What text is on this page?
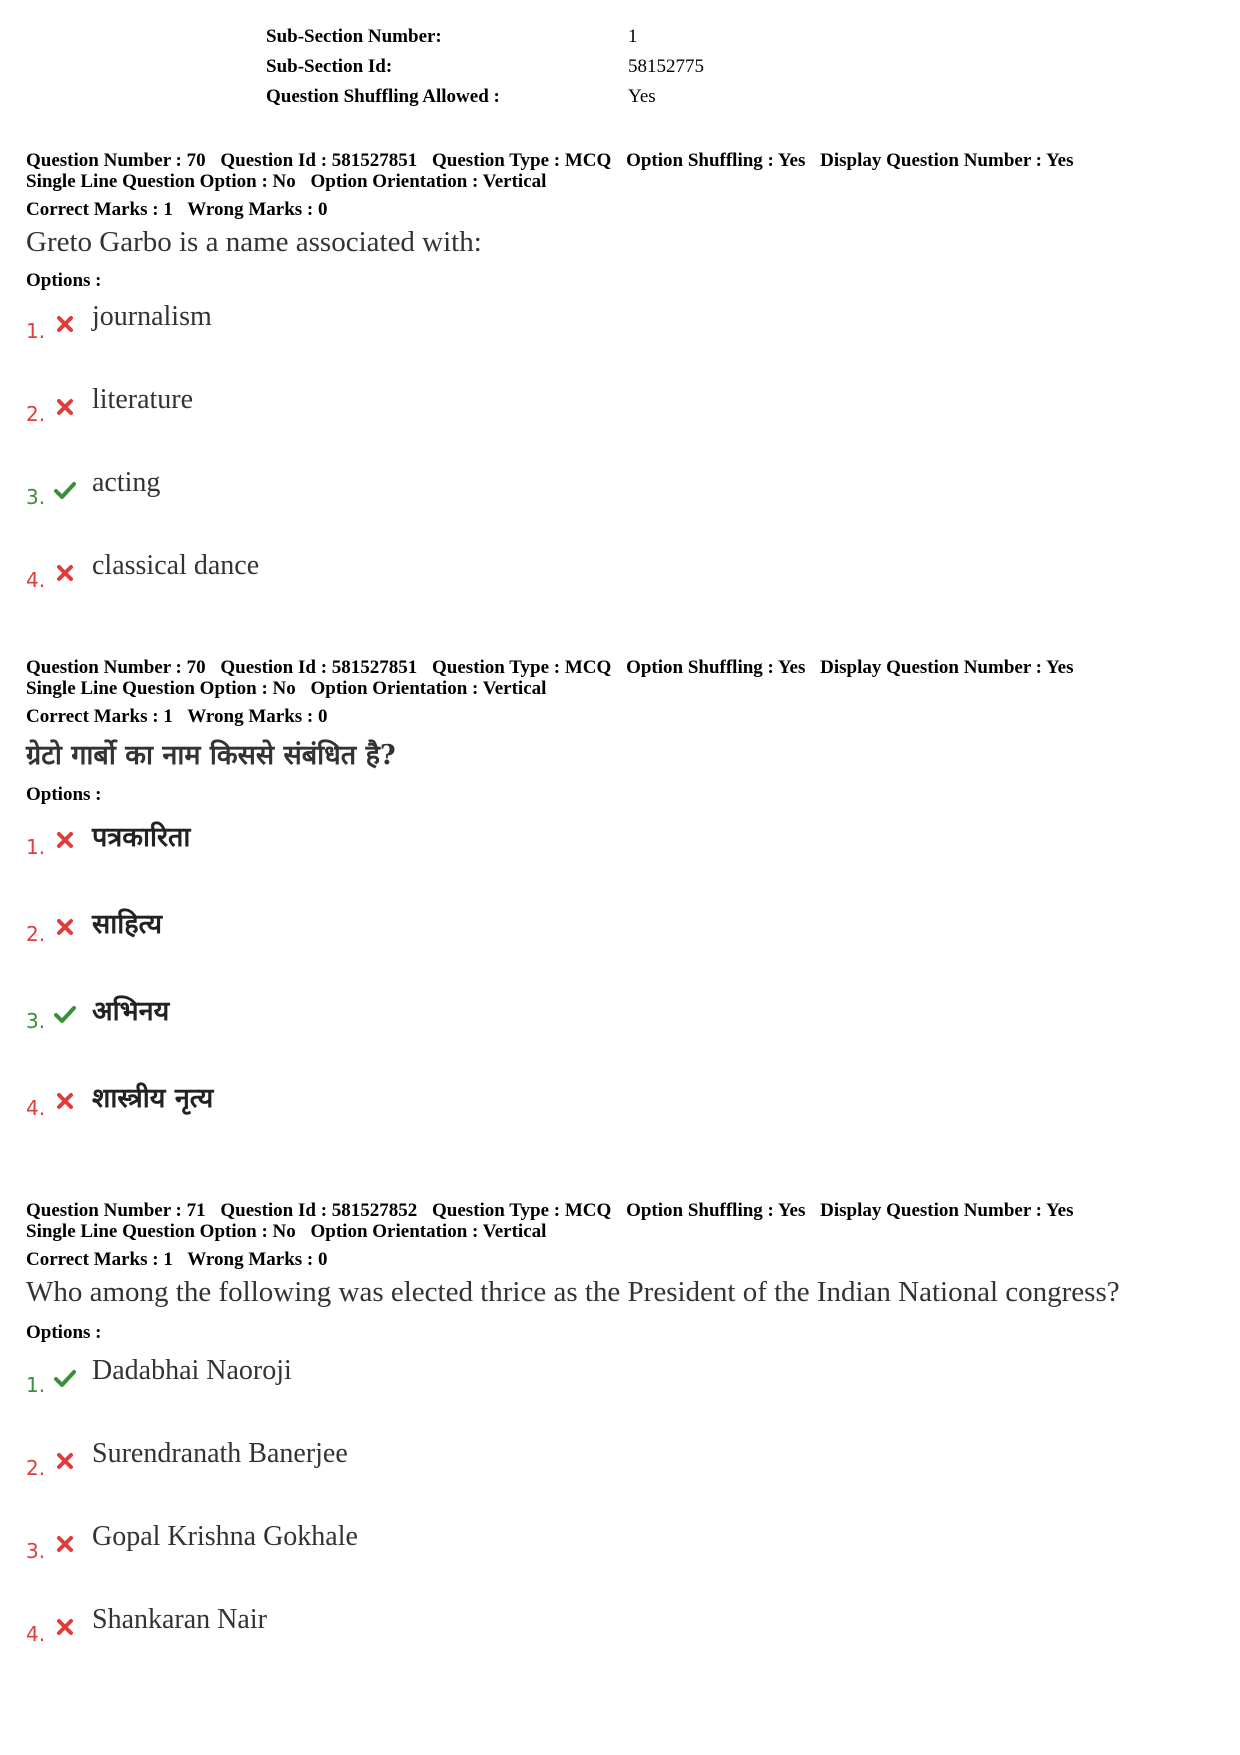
Sub-Section Number:	1
Sub-Section Id:	58152775
Question Shuffling Allowed :	Yes
Question Number : 70 Question Id : 581527851 Question Type : MCQ Option Shuffling : Yes Display Question Number : Yes
Single Line Question Option : No Option Orientation : Vertical
Correct Marks : 1 Wrong Marks : 0
Greto Garbo is a name associated with:
Options :
1. journalism
2. literature
3. acting
4. classical dance
Question Number : 70 Question Id : 581527851 Question Type : MCQ Option Shuffling : Yes Display Question Number : Yes
Single Line Question Option : No Option Orientation : Vertical
Correct Marks : 1 Wrong Marks : 0
ग्रेटो गार्बो का नाम किससे संबंधित है?
Options :
1. पत्रकारिता
2. साहित्य
3. अभिनय
4. शास्त्रीय नृत्य
Question Number : 71 Question Id : 581527852 Question Type : MCQ Option Shuffling : Yes Display Question Number : Yes
Single Line Question Option : No Option Orientation : Vertical
Correct Marks : 1 Wrong Marks : 0
Who among the following was elected thrice as the President of the Indian National congress?
Options :
1. Dadabhai Naoroji
2. Surendranath Banerjee
3. Gopal Krishna Gokhale
4. Shankaran Nair
